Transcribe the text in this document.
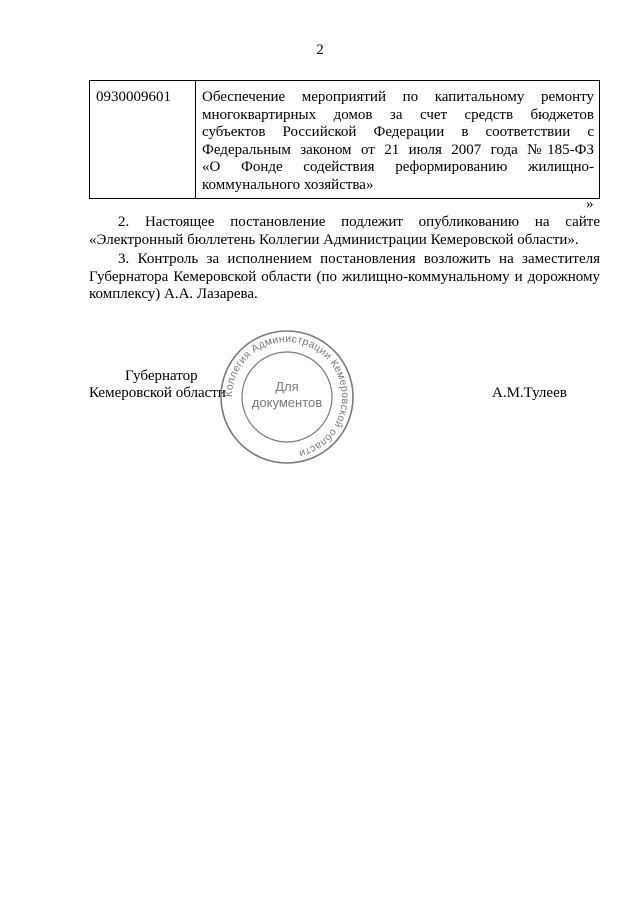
2
0930009601	Обеспечение мероприятий по капитальному ремонту
многоквартирных домов за счет средств бюджетов
субъектов Российской Федерации в соответствии с
Федеральным законом от 21 июля 2007 года №185-ФЗ
«О Фонде содействия реформированию жилищно-
коммунального хозяйства»
»
2. Настоящее постановление подлежит опубликованию на сайте «Электронный бюллетень Коллегии Администрации Кемеровской области».
3. Контроль за исполнением постановления возложить на заместителя Губернатора Кемеровской области (по жилищно-коммунальному и дорожному комплексу) А.А. Лазарева.
Губернатор
Кемеровской области	А.М.Тулеев
Коллегия Администрации Кемеровской области
Для
документов
